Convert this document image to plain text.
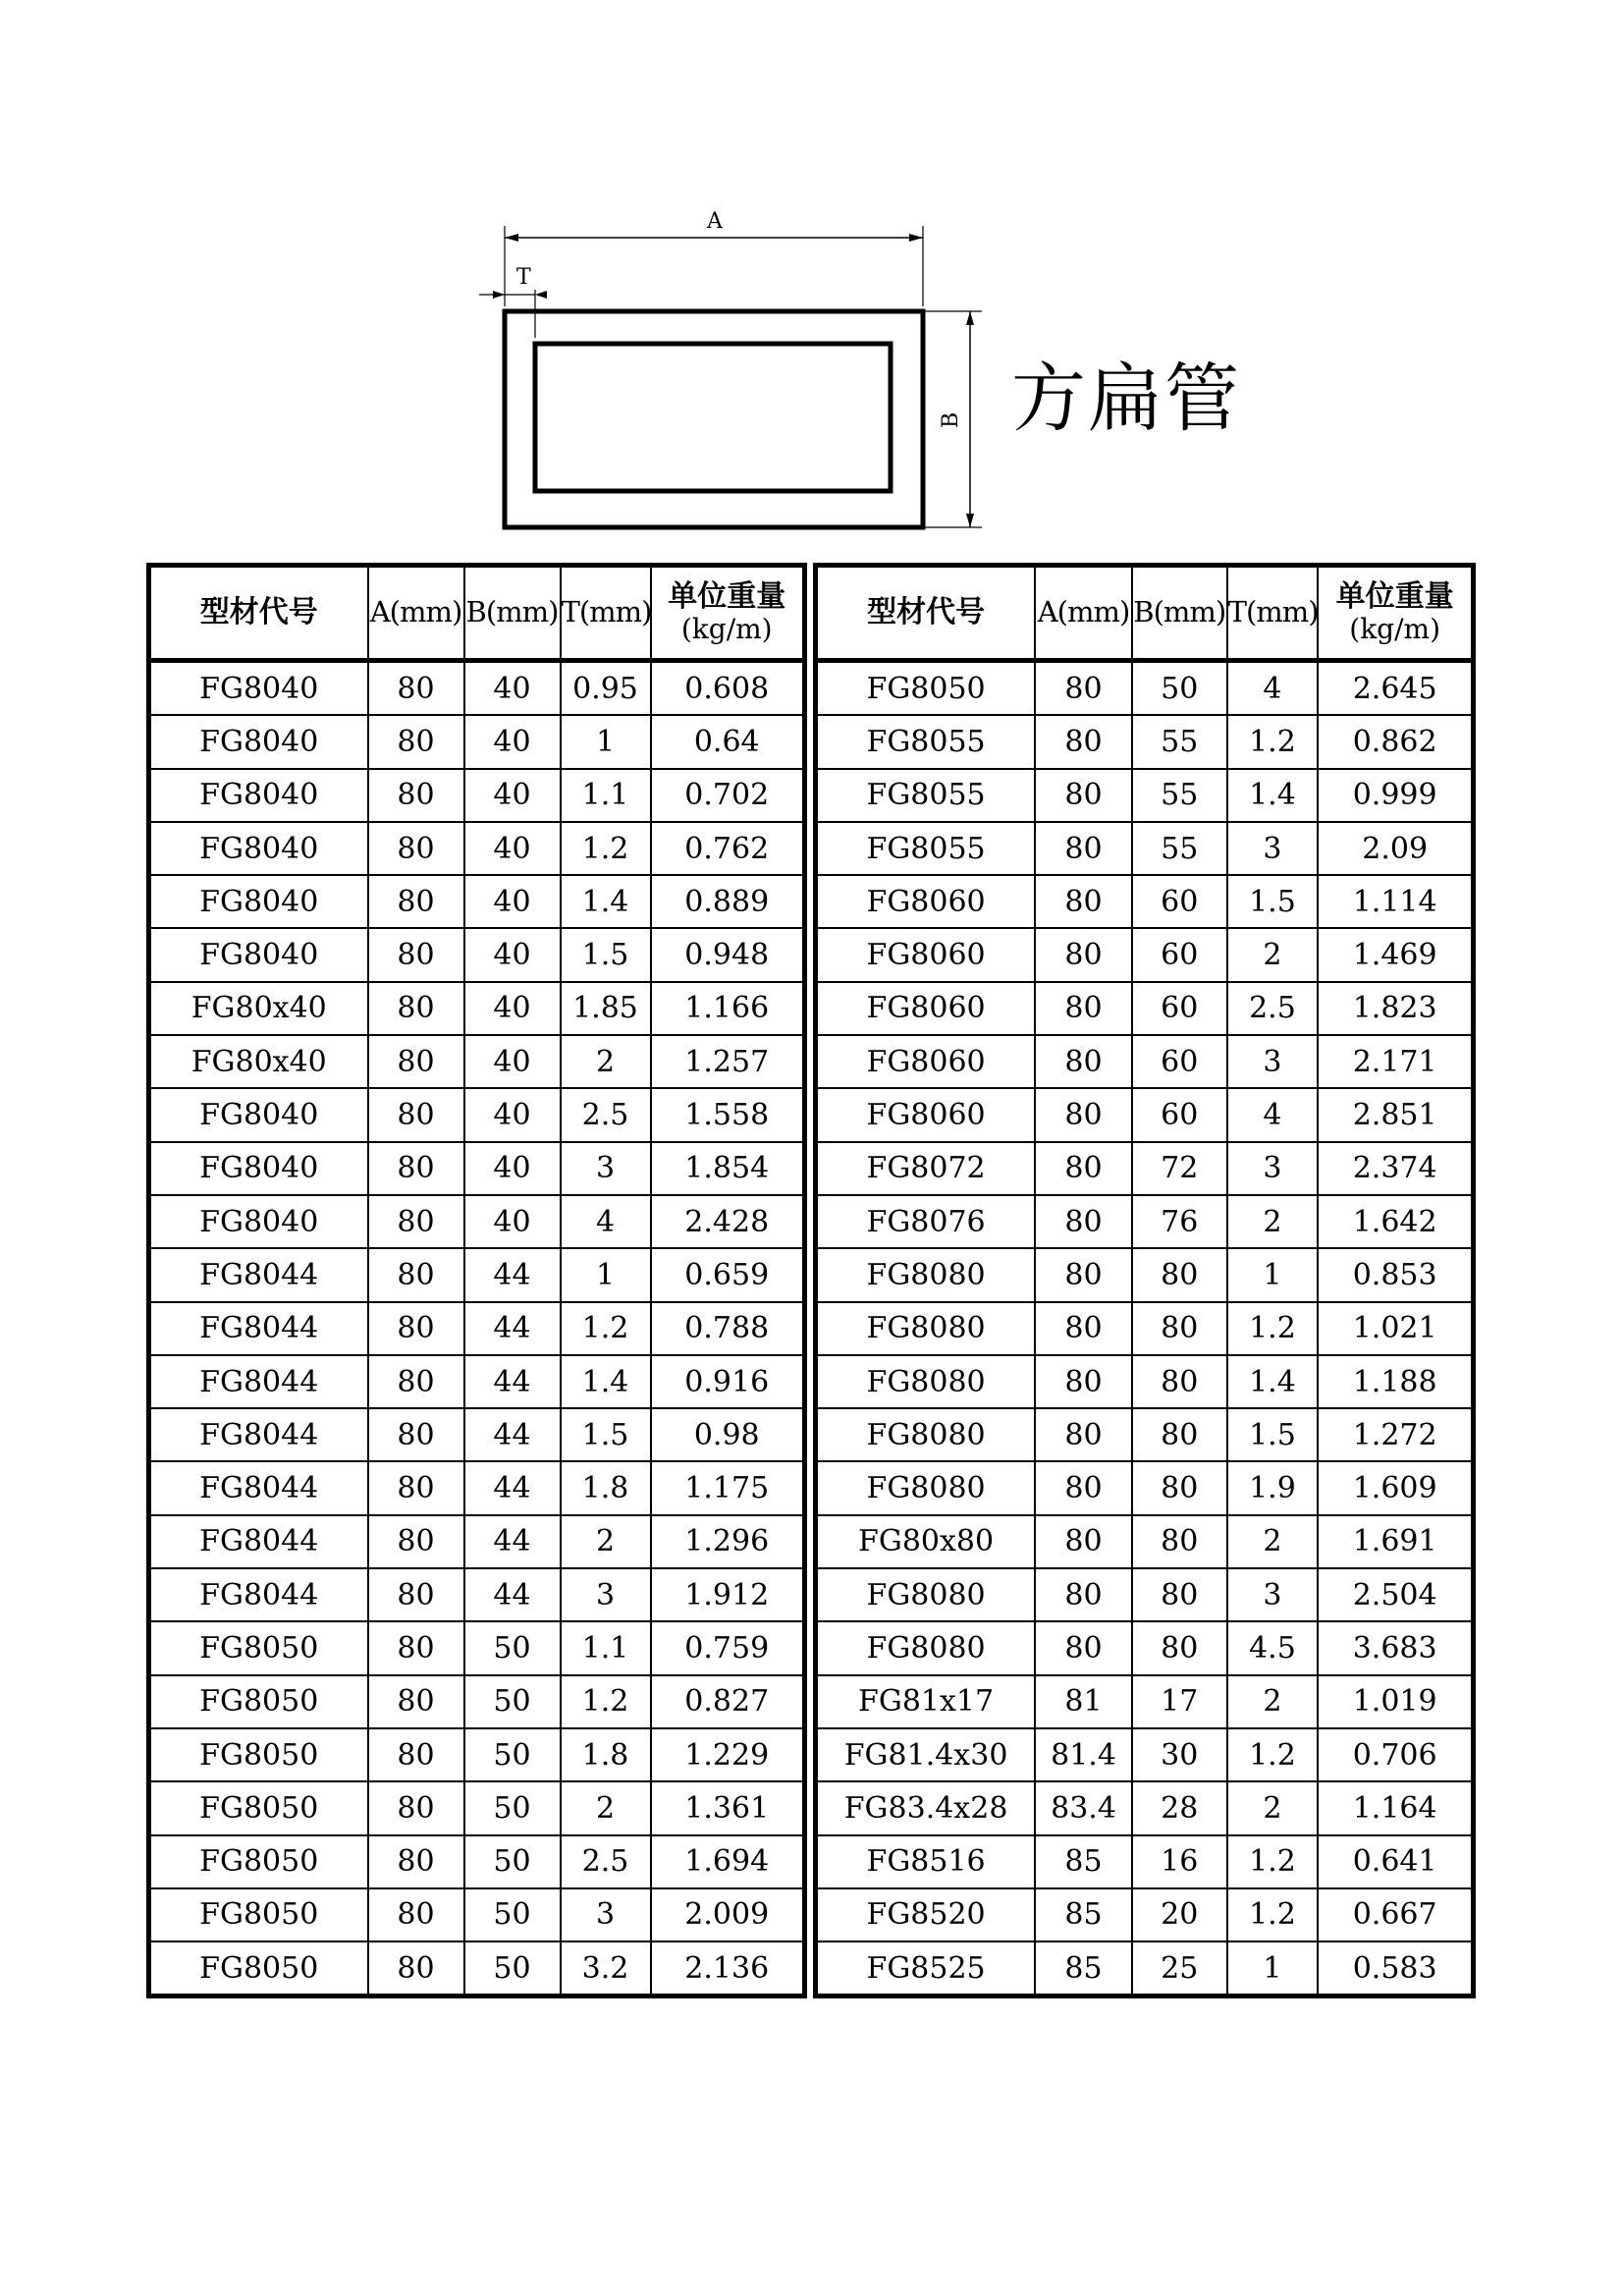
A
T
B 方扁管
型材代号	A(mm)	B(mm)	T(mm)	单位重量
(kg/m)

FG8040	80	40	0.95	0.608
FG8040	80	40	1	0.64
FG8040	80	40	1.1	0.702
FG8040	80	40	1.2	0.762
FG8040	80	40	1.4	0.889
FG8040	80	40	1.5	0.948
FG80x40	80	40	1.85	1.166
FG80x40	80	40	2	1.257
FG8040	80	40	2.5	1.558
FG8040	80	40	3	1.854
FG8040	80	40	4	2.428
FG8044	80	44	1	0.659
FG8044	80	44	1.2	0.788
FG8044	80	44	1.4	0.916
FG8044	80	44	1.5	0.98
FG8044	80	44	1.8	1.175
FG8044	80	44	2	1.296
FG8044	80	44	3	1.912
FG8050	80	50	1.1	0.759
FG8050	80	50	1.2	0.827
FG8050	80	50	1.8	1.229
FG8050	80	50	2	1.361
FG8050	80	50	2.5	1.694
FG8050	80	50	3	2.009
FG8050	80	50	3.2	2.136
型材代号	A(mm)	B(mm)	T(mm)	单位重量
(kg/m)

FG8050	80	50	4	2.645
FG8055	80	55	1.2	0.862
FG8055	80	55	1.4	0.999
FG8055	80	55	3	2.09
FG8060	80	60	1.5	1.114
FG8060	80	60	2	1.469
FG8060	80	60	2.5	1.823
FG8060	80	60	3	2.171
FG8060	80	60	4	2.851
FG8072	80	72	3	2.374
FG8076	80	76	2	1.642
FG8080	80	80	1	0.853
FG8080	80	80	1.2	1.021
FG8080	80	80	1.4	1.188
FG8080	80	80	1.5	1.272
FG8080	80	80	1.9	1.609
FG80x80	80	80	2	1.691
FG8080	80	80	3	2.504
FG8080	80	80	4.5	3.683
FG81x17	81	17	2	1.019
FG81.4x30	81.4	30	1.2	0.706
FG83.4x28	83.4	28	2	1.164
FG8516	85	16	1.2	0.641
FG8520	85	20	1.2	0.667
FG8525	85	25	1	0.583
